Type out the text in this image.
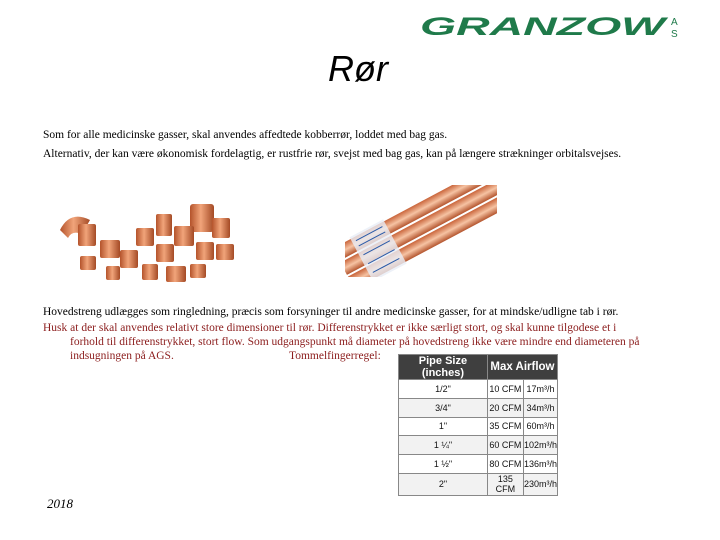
GRANZOW A
S
Rør
Som for alle medicinske gasser, skal anvendes affedtede kobberrør, loddet med bag gas.
Alternativ, der kan være økonomisk fordelagtig, er rustfrie rør, svejst med bag gas, kan på længere strækninger orbitalsvejses.
Hovedstreng udlægges som ringledning, præcis som forsyninger til andre medicinske gasser, for at mindske/udligne tab i rør.
Husk at der skal anvendes relativt store dimensioner til rør. Differenstrykket er ikke særligt stort, og skal kunne tilgodese et i
forhold til differenstrykket, stort flow. Som udgangspunkt må diameter på hovedstreng ikke være mindre end diameteren på
indsugningen på AGS.	Tommelfingerregel:	Pipe Size (inches)	Max Airflow	
1/2"	10 CFM	17m³/h
3/4"	20 CFM	34m³/h
1"	35 CFM	60m³/h
1 ¼"	60 CFM	102m³/h
1 ½"	80 CFM	136m³/h
2"	135 CFM	230m³/h
2018
